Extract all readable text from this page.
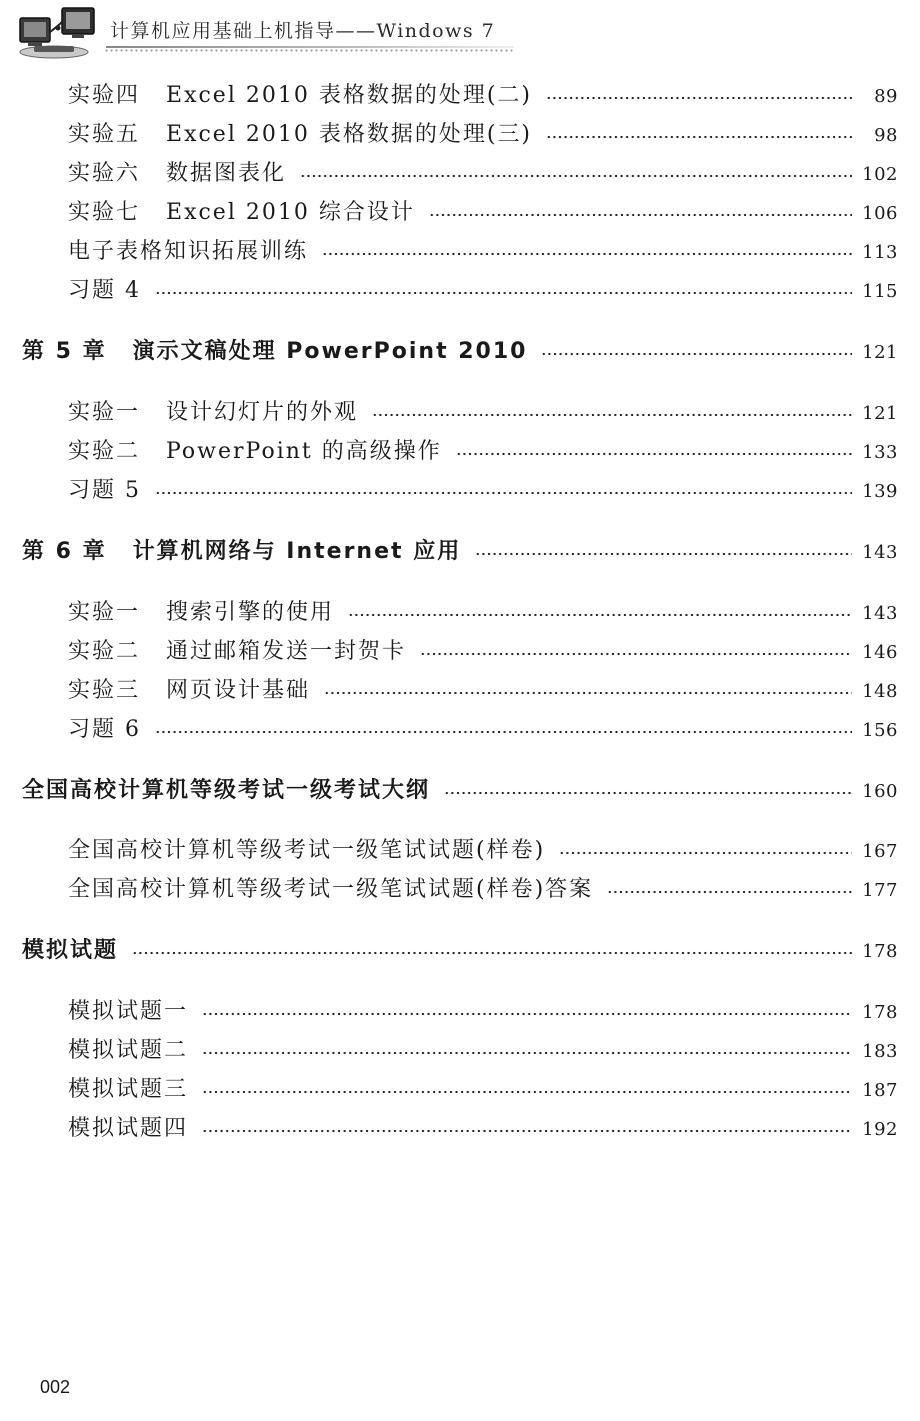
计算机应用基础上机指导——Windows 7
实验四 Excel 2010 表格数据的处理(二)	89
实验五 Excel 2010 表格数据的处理(三)	98
实验六 数据图表化	102
实验七 Excel 2010 综合设计	106
电子表格知识拓展训练	113
习题 4	115
第 5 章 演示文稿处理 PowerPoint 2010	121
实验一 设计幻灯片的外观	121
实验二 PowerPoint 的高级操作	133
习题 5	139
第 6 章 计算机网络与 Internet 应用	143
实验一 搜索引擎的使用	143
实验二 通过邮箱发送一封贺卡	146
实验三 网页设计基础	148
习题 6	156
全国高校计算机等级考试一级考试大纲	160
全国高校计算机等级考试一级笔试试题(样卷)	167
全国高校计算机等级考试一级笔试试题(样卷)答案	177
模拟试题	178
模拟试题一	178
模拟试题二	183
模拟试题三	187
模拟试题四	192
002
